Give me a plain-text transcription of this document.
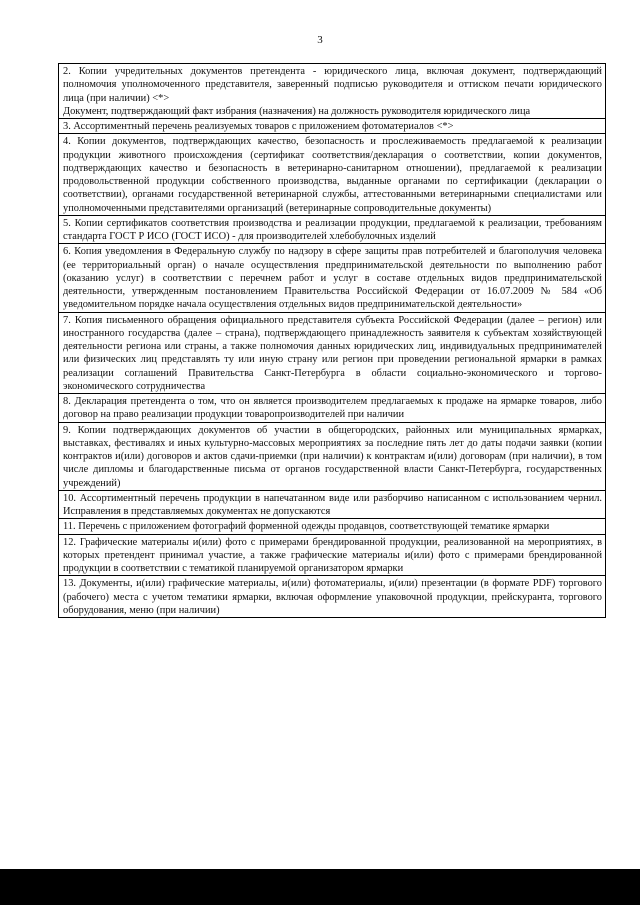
3
2. Копии учредительных документов претендента - юридического лица, включая документ, подтверждающий полномочия уполномоченного представителя, заверенный подписью руководителя и оттиском печати юридического лица (при наличии) <*>
Документ, подтверждающий факт избрания (назначения) на должность руководителя юридического лица

3. Ассортиментный перечень реализуемых товаров с приложением фотоматериалов <*>

4. Копии документов, подтверждающих качество, безопасность и прослеживаемость предлагаемой к реализации продукции животного происхождения (сертификат соответствия/декларация о соответствии, копии документов, подтверждающих качество и безопасность в ветеринарно-санитарном отношении), предлагаемой к реализации продовольственной продукции собственного производства, выданные органами по сертификации (декларации о соответствии), органами государственной ветеринарной службы, аттестованными ветеринарными специалистами или уполномоченными представителями организаций (ветеринарные сопроводительные документы)

5. Копии сертификатов соответствия производства и реализации продукции, предлагаемой к реализации, требованиям стандарта ГОСТ Р ИСО (ГОСТ ИСО) - для производителей хлебобулочных изделий

6. Копия уведомления в Федеральную службу по надзору в сфере защиты прав потребителей и благополучия человека (ее территориальный орган) о начале осуществления предпринимательской деятельности по выполнению работ (оказанию услуг) в соответствии с перечнем работ и услуг в составе отдельных видов предпринимательской деятельности, утвержденным постановлением Правительства Российской Федерации от 16.07.2009 № 584 «Об уведомительном порядке начала осуществления отдельных видов предпринимательской деятельности»

7. Копия письменного обращения официального представителя субъекта Российской Федерации (далее – регион) или иностранного государства (далее – страна), подтверждающего принадлежность заявителя к субъектам хозяйствующей деятельности региона или страны, а также полномочия данных юридических лиц, индивидуальных предпринимателей или физических лиц представлять ту или иную страну или регион при проведении региональной ярмарки в рамках реализации соглашений Правительства Санкт-Петербурга в области социально-экономического и торгово-экономического сотрудничества

8. Декларация претендента о том, что он является производителем предлагаемых к продаже на ярмарке товаров, либо договор на право реализации продукции товаропроизводителей при наличии

9. Копии подтверждающих документов об участии в общегородских, районных или муниципальных ярмарках, выставках, фестивалях и иных культурно-массовых мероприятиях за последние пять лет до даты подачи заявки (копии контрактов и(или) договоров и актов сдачи-приемки (при наличии) к контрактам и(или) договорам (при наличии), в том числе дипломы и благодарственные письма от органов государственной власти Санкт-Петербурга, государственных учреждений)

10. Ассортиментный перечень продукции в напечатанном виде или разборчиво написанном с использованием чернил. Исправления в представляемых документах не допускаются

11. Перечень с приложением фотографий форменной одежды продавцов, соответствующей тематике ярмарки

12. Графические материалы и(или) фото с примерами брендированной продукции, реализованной на мероприятиях, в которых претендент принимал участие, а также графические материалы и(или) фото с примерами брендированной продукции в соответствии с тематикой планируемой организатором ярмарки

13. Документы, и(или) графические материалы, и(или) фотоматериалы, и(или) презентации (в формате PDF) торгового (рабочего) места с учетом тематики ярмарки, включая оформление упаковочной продукции, прейскуранта, торгового оборудования, меню (при наличии)
